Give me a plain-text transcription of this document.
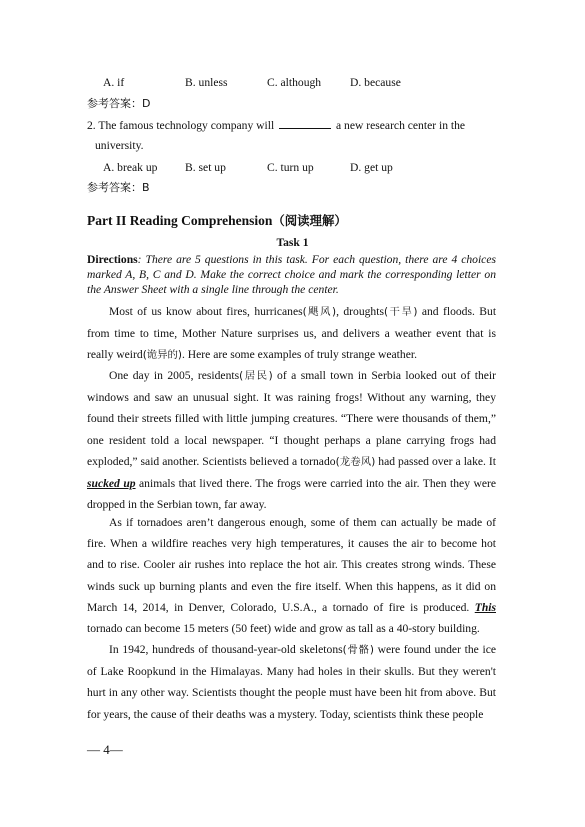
A. if	B. unless	C. although D. because
参考答案：D
2. The famous technology company will	a new research center in the
university.
A. break up B. set up	C. turn up	D. get up
参考答案：B
Part II Reading Comprehension（阅读理解）
Task 1
Directions: There are 5 questions in this task. For each question, there are 4 choices marked A, B, C and D. Make the correct choice and mark the corresponding letter on the Answer Sheet with a single line through the center.
Most of us know about fires, hurricanes(飓风), droughts(干旱) and floods. But from time to time, Mother Nature surprises us, and delivers a weather event that is really weird(诡异的). Here are some examples of truly strange weather.
One day in 2005, residents(居民) of a small town in Serbia looked out of their windows and saw an unusual sight. It was raining frogs! Without any warning, they found their streets filled with little jumping creatures. “There were thousands of them,” one resident told a local newspaper. “I thought perhaps a plane carrying frogs had exploded,” said another. Scientists believed a tornado(龙卷风) had passed over a lake. It sucked up animals that lived there. The frogs were carried into the air. Then they were dropped in the Serbian town, far away.
As if tornadoes aren’t dangerous enough, some of them can actually be made of fire. When a wildfire reaches very high temperatures, it causes the air to become hot and to rise. Cooler air rushes into replace the hot air. This creates strong winds. These winds suck up burning plants and even the fire itself. When this happens, as it did on March 14, 2014, in Denver, Colorado, U.S.A., a tornado of fire is produced. This tornado can become 15 meters (50 feet) wide and grow as tall as a 40-story building.
In 1942, hundreds of thousand-year-old skeletons(骨骼) were found under the ice of Lake Roopkund in the Himalayas. Many had holes in their skulls. But they weren't hurt in any other way. Scientists thought the people must have been hit from above. But for years, the cause of their deaths was a mystery. Today, scientists think these people
— 4—
